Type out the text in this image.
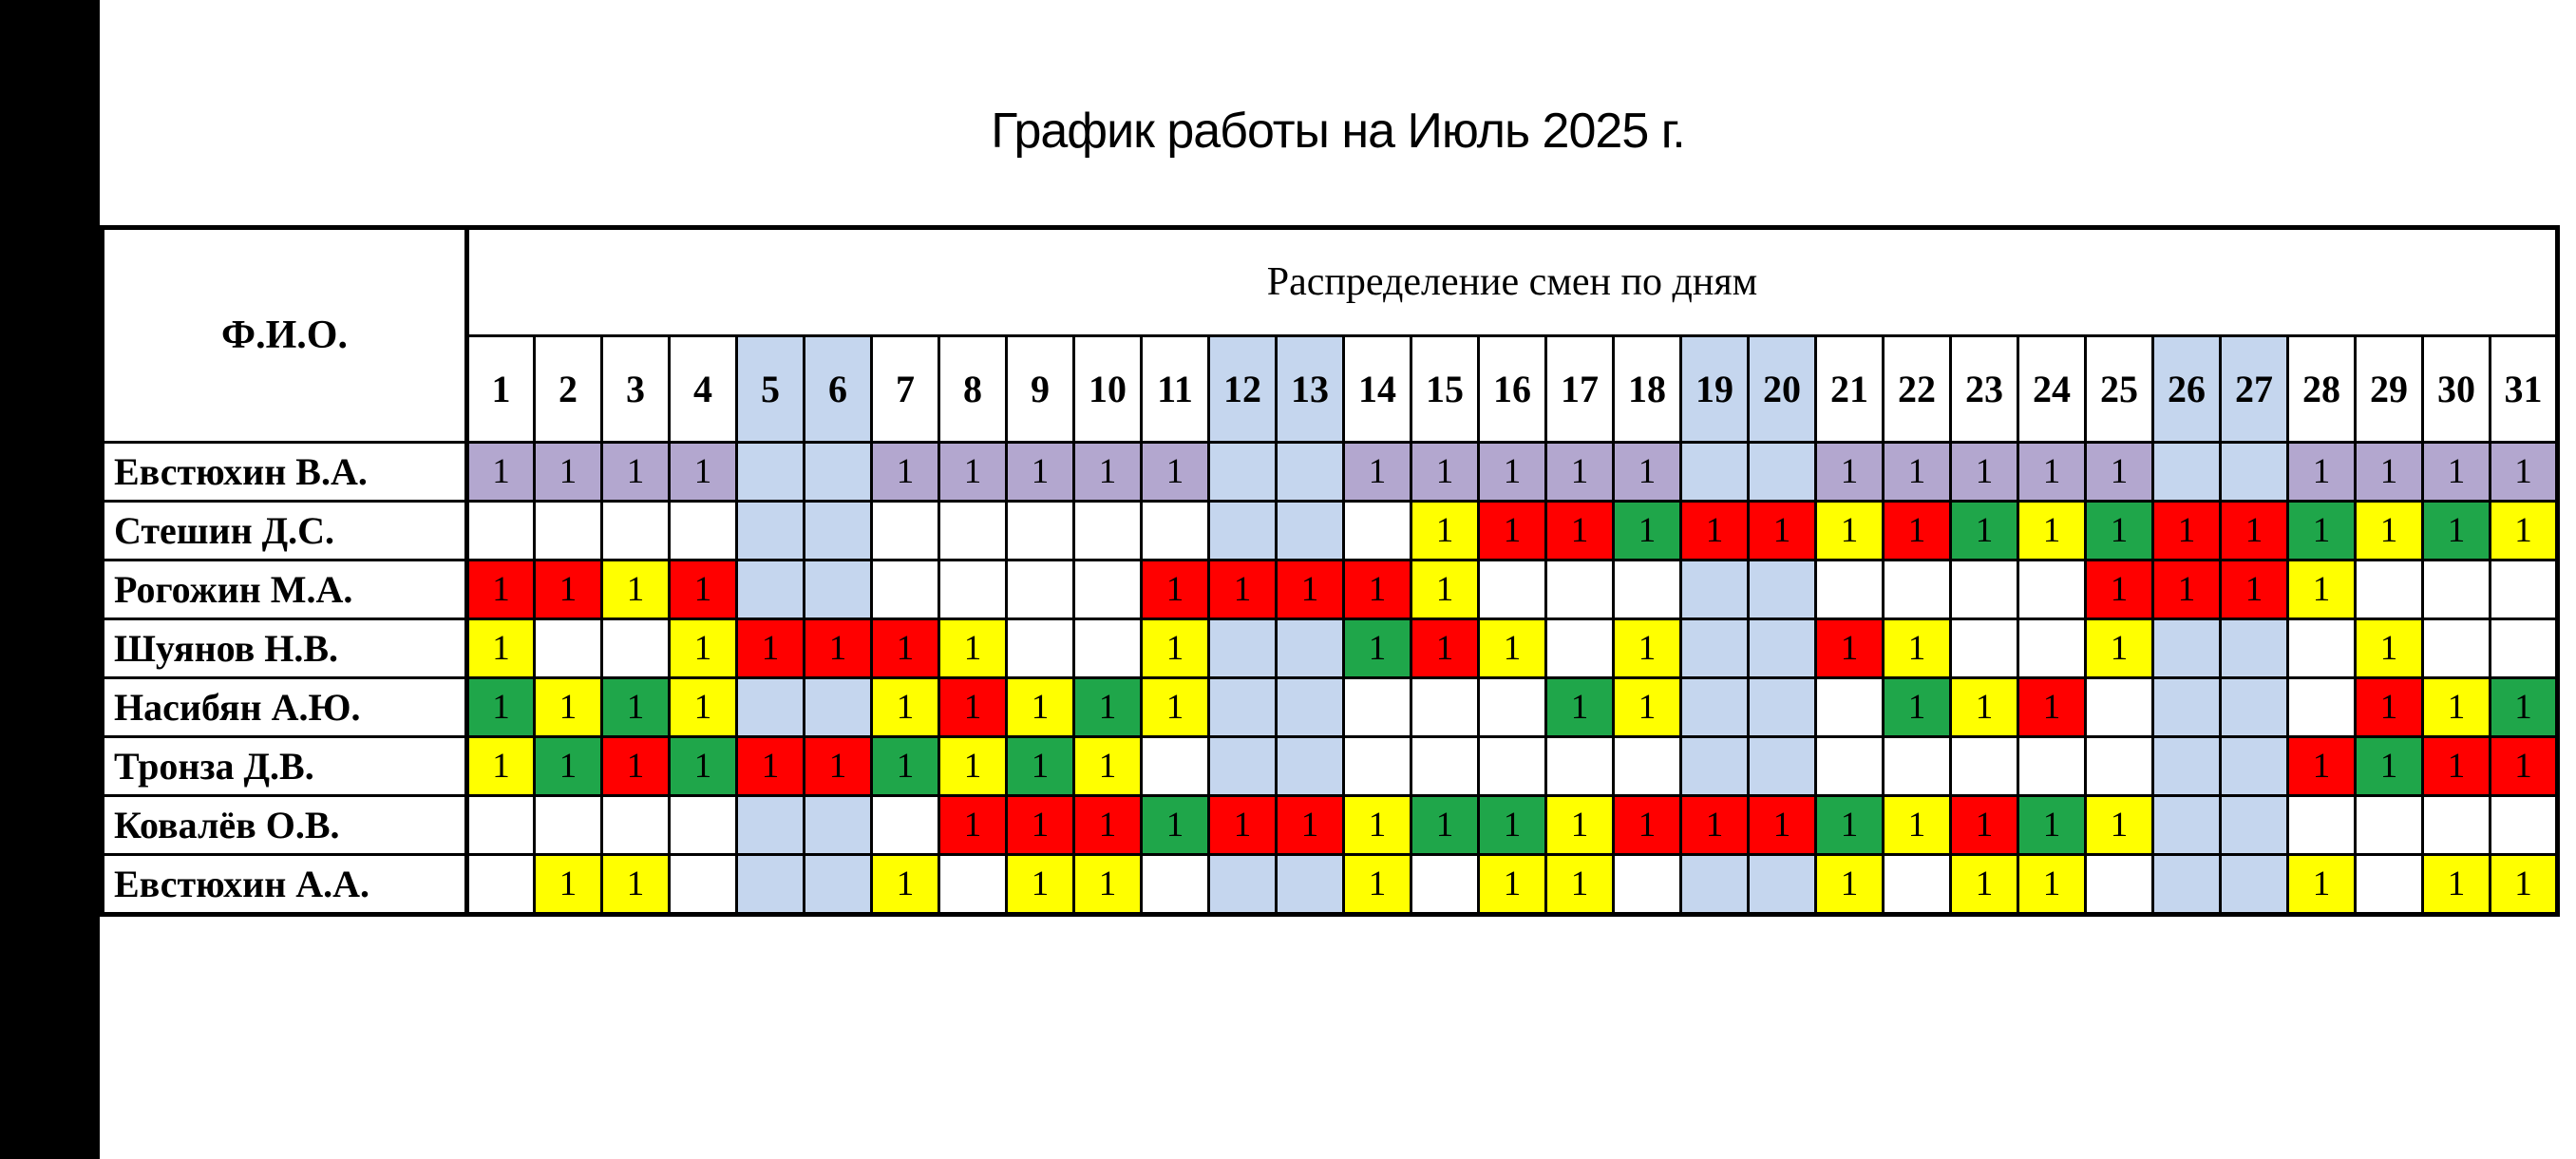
График работы на Июль 2025 г.
Ф.И.О.	Распределение смен по дням																														
	1	2	3	4	5	6	7	8	9	10	11	12	13	14	15	16	17	18	19	20	21	22	23	24	25	26	27	28	29	30	31
Евстюхин В.А.	1	1	1	1			1	1	1	1	1			1	1	1	1	1			1	1	1	1	1			1	1	1	1
Стешин Д.С.															1	1	1	1	1	1	1	1	1	1	1	1	1	1	1	1	1
Рогожин М.А.	1	1	1	1							1	1	1	1	1										1	1	1	1			
Шуянов Н.В.	1			1	1	1	1	1			1			1	1	1		1			1	1			1				1		
Насибян А.Ю.	1	1	1	1			1	1	1	1	1						1	1				1	1	1					1	1	1
Тронза Д.В.	1	1	1	1	1	1	1	1	1	1																		1	1	1	1
Ковалёв О.В.								1	1	1	1	1	1	1	1	1	1	1	1	1	1	1	1	1	1						
Евстюхин А.А.		1	1				1		1	1				1		1	1				1		1	1				1		1	1
